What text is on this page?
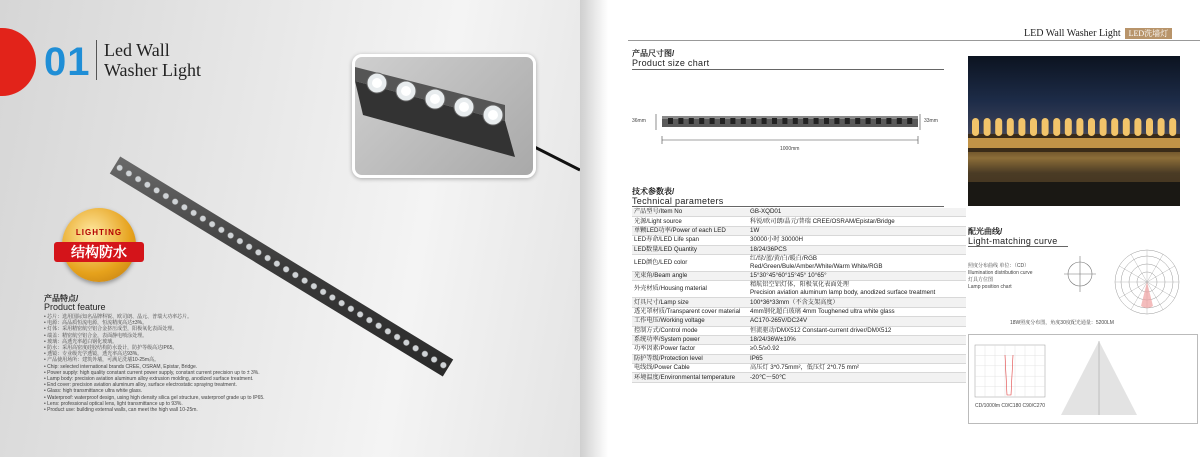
01 Led Wall
Washer Light
LIGHTING
结构防水
产品特点/
Product feature
• 芯片：选用国际知名品牌科锐、欧司朗、晶元、普瑞大功率芯片。
• 电源：高品质恒流电源，恒流精度高达±3%。
• 灯体：采用精密航空铝合金挤压成型，阳极氧化表面处理。
• 端盖：精密航空铝合金，表面静电喷涂处理。
• 玻璃：高透光率超白钢化玻璃。
• 防水：采用高密度硅胶结构防水设计，防护等级高达IP65。
• 透镜：专业级光学透镜，透光率高达93%。
• 产品使用场所：建筑外墙，可满足洗墙10-25m高。
• Chip: selected international brands CREE, OSRAM, Epistar, Bridge.
• Power supply: high quality constant current power supply, constant current precision up to ± 3%.
• Lamp body: precision aviation aluminum alloy extrusion molding, anodized surface treatment.
• End cover: precision aviation aluminum alloy, surface electrostatic spraying treatment.
• Glass: high transmittance ultra white glass.
• Waterproof: waterproof design, using high density silica gel structure, waterproof grade up to IP65.
• Lens: professional optical lens, light transmittance up to 93%.
• Product use: building external walls, can meet the high wall 10-25m.
LED Wall Washer Light LED洗墙灯
产品尺寸图/
Product size chart
36mm	33mm
1000mm
技术参数表/
Technical parameters
产品型号/Item No	GB-XQD01
光源/Light source	科锐/欧司朗/晶元/普瑞 CREE/OSRAM/Epistar/Bridge
单颗LED功率/Power of each LED	1W
LED寿命/LED Life span	30000小时 30000H
LED数量/LED Quantity	18/24/36PCS
LED颜色/LED color	红/绿/蓝/黄/白/暖白/RGB
Red/Green/Bule/Amber/White/Warm White/RGB

光束角/Beam angle	15°30°45°60°15°45° 10°65°
外壳材质/Housing material	精航铝空铝灯体，阳极氧化表面处理
Precision aviation aluminum lamp body, anodized surface treatment

灯具尺寸/Lamp size	100*36*33mm（不含支架高度）
透光罩材质/Transparent cover material	4mm钢化超白玻璃 4mm Toughened ultra white glass
工作电压/Working voltage	AC170-265V/DC24V
控制方式/Control mode	恒流驱动/DMX512 Constant-current driver/DMX512
系统功率/System power	18/24/36W±10%
功率因素/Power factor	≥0.5/≥0.92
防护等级/Protection level	IP65
电线线/Power Cable	高压灯 3*0.75mm²，低压灯 2*0.75 mm²
环境温度/Environmental temperature	-20℃～50℃
配光曲线/
Light-matching curve
照度分布曲线 单位：（CD）
Illumination distribution curve
灯具方位图
Lamp position chart
18W照度分布图，角度30度配光通量：5200LM
CD/1000lm C0/C180 C90/C270
